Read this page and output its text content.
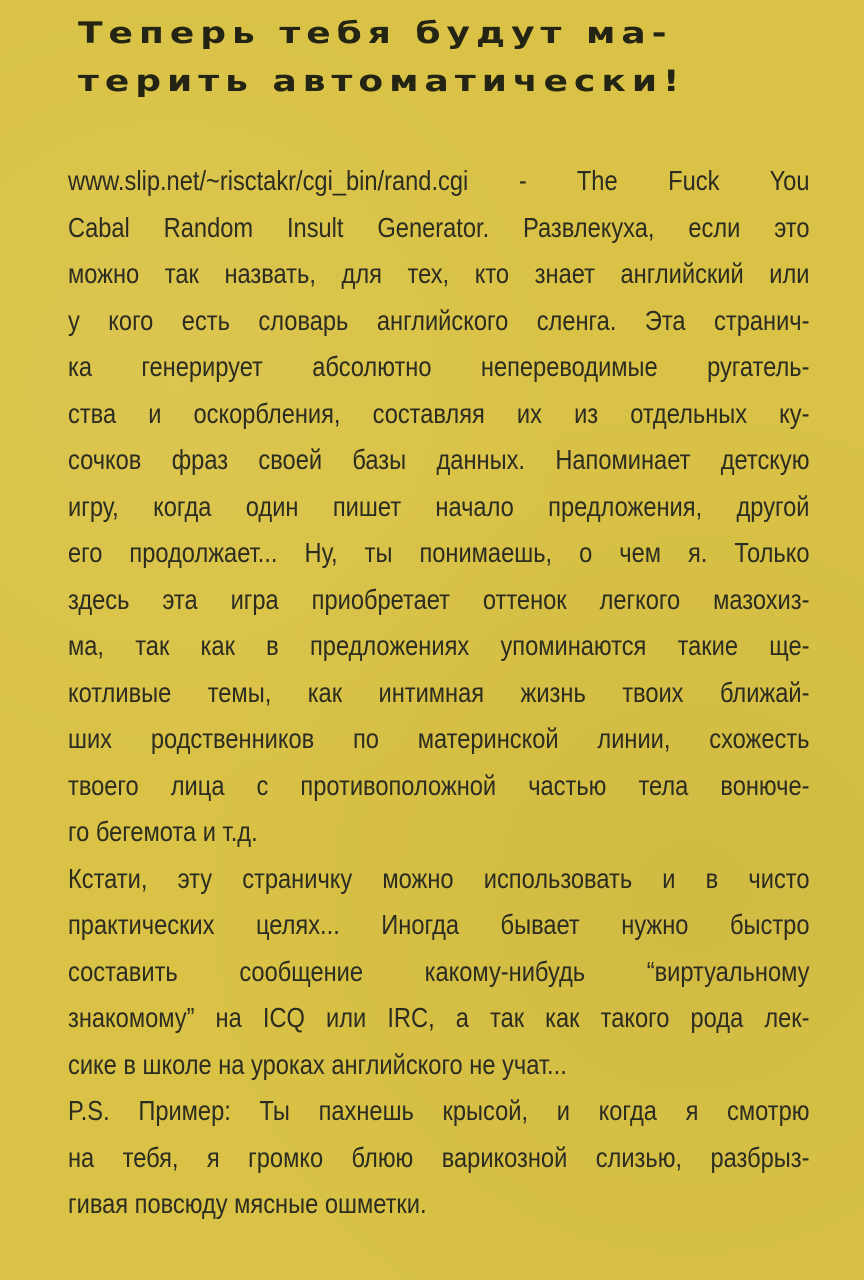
Теперь тебя будут ма-
терить автоматически!
www.slip.net/~risctakr/cgi_bin/rand.cgi - The Fuck You
Cabal Random Insult Generator. Развлекуха, если это
можно так назвать, для тех, кто знает английский или
у кого есть словарь английского сленга. Эта странич-
ка генерирует абсолютно непереводимые ругатель-
ства и оскорбления, составляя их из отдельных ку-
сочков фраз своей базы данных. Напоминает детскую
игру, когда один пишет начало предложения, другой
его продолжает... Ну, ты понимаешь, о чем я. Только
здесь эта игра приобретает оттенок легкого мазохиз-
ма, так как в предложениях упоминаются такие ще-
котливые темы, как интимная жизнь твоих ближай-
ших родственников по материнской линии, схожесть
твоего лица с противоположной частью тела вонюче-
го бегемота и т.д.
Кстати, эту страничку можно использовать и в чисто
практических целях... Иногда бывает нужно быстро
составить сообщение какому-нибудь “виртуальному
знакомому” на ICQ или IRC, а так как такого рода лек-
сике в школе на уроках английского не учат...
P.S. Пример: Ты пахнешь крысой, и когда я смотрю
на тебя, я громко блюю варикозной слизью, разбрыз-
гивая повсюду мясные ошметки.
